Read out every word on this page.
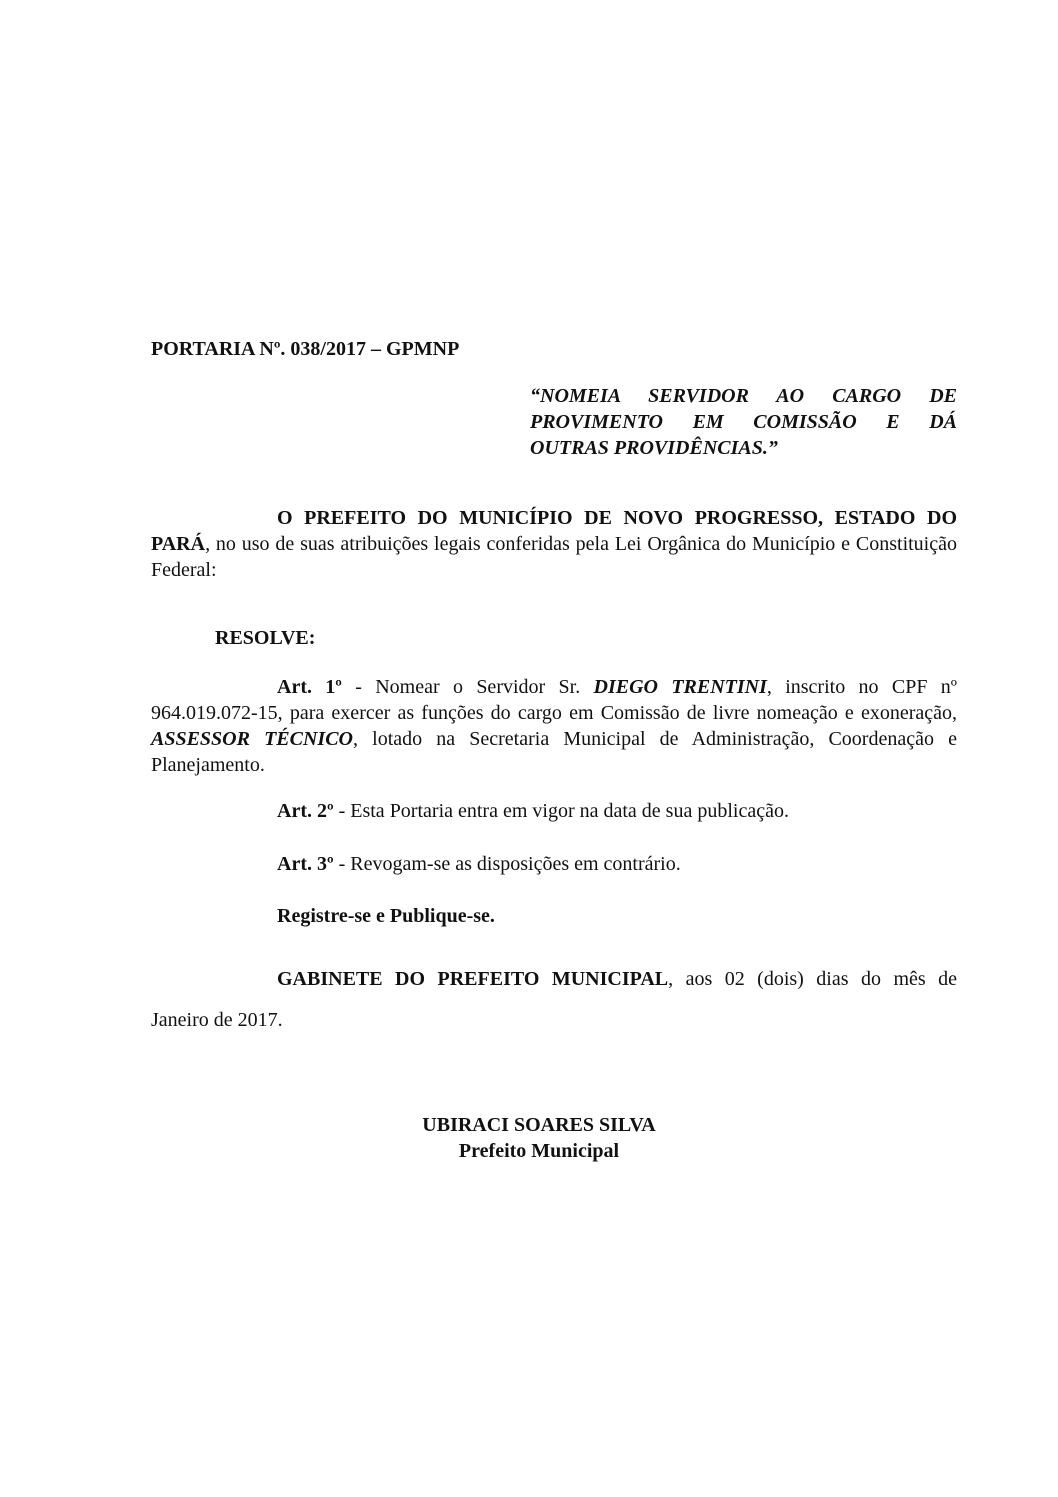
PORTARIA Nº. 038/2017 – GPMNP

“NOMEIA SERVIDOR AO CARGO DE
PROVIMENTO EM COMISSÃO E DÁ
OUTRAS PROVIDÊNCIAS.”

O PREFEITO DO MUNICÍPIO DE NOVO PROGRESSO, ESTADO DO PARÁ, no uso de suas atribuições legais conferidas pela Lei Orgânica do Município e Constituição Federal:

RESOLVE:

Art. 1º - Nomear o Servidor Sr. DIEGO TRENTINI, inscrito no CPF nº 964.019.072-15, para exercer as funções do cargo em Comissão de livre nomeação e exoneração, ASSESSOR TÉCNICO, lotado na Secretaria Municipal de Administração, Coordenação e Planejamento.

Art. 2º - Esta Portaria entra em vigor na data de sua publicação.

Art. 3º - Revogam-se as disposições em contrário.

Registre-se e Publique-se.

GABINETE DO PREFEITO MUNICIPAL, aos 02 (dois) dias do mês de

Janeiro de 2017.

UBIRACI SOARES SILVA
Prefeito Municipal
